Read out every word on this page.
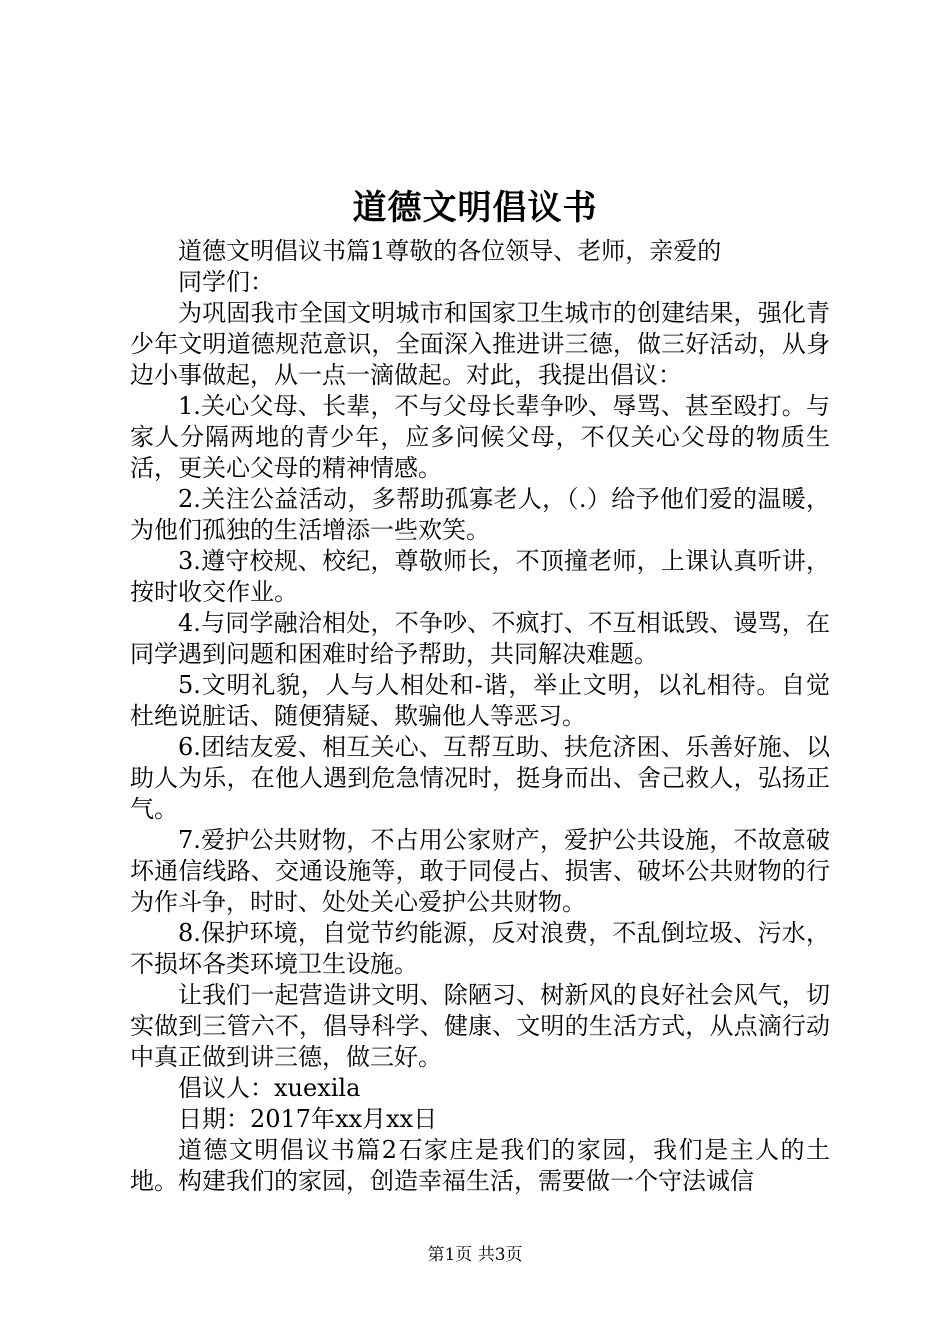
道德文明倡议书

道德文明倡议书篇1尊敬的各位领导、老师，亲爱的

同学们：

为巩固我市全国文明城市和国家卫生城市的创建结果，强化青少年文明道德规范意识，全面深入推进讲三德，做三好活动，从身边小事做起，从一点一滴做起。对此，我提出倡议：

1.关心父母、长辈，不与父母长辈争吵、辱骂、甚至殴打。与家人分隔两地的青少年，应多问候父母，不仅关心父母的物质生活，更关心父母的精神情感。

2.关注公益活动，多帮助孤寡老人，（.）给予他们爱的温暖，为他们孤独的生活增添一些欢笑。

3.遵守校规、校纪，尊敬师长，不顶撞老师，上课认真听讲，按时收交作业。

4.与同学融洽相处，不争吵、不疯打、不互相诋毁、谩骂，在同学遇到问题和困难时给予帮助，共同解决难题。

5.文明礼貌，人与人相处和-谐，举止文明，以礼相待。自觉杜绝说脏话、随便猜疑、欺骗他人等恶习。

6.团结友爱、相互关心、互帮互助、扶危济困、乐善好施、以助人为乐，在他人遇到危急情况时，挺身而出、舍己救人，弘扬正气。

7.爱护公共财物，不占用公家财产，爱护公共设施，不故意破坏通信线路、交通设施等，敢于同侵占、损害、破坏公共财物的行为作斗争，时时、处处关心爱护公共财物。

8.保护环境，自觉节约能源，反对浪费，不乱倒垃圾、污水，不损坏各类环境卫生设施。

让我们一起营造讲文明、除陋习、树新风的良好社会风气，切实做到三管六不，倡导科学、健康、文明的生活方式，从点滴行动中真正做到讲三德，做三好。

倡议人：xuexila

日期：2017年xx月xx日

道德文明倡议书篇2石家庄是我们的家园，我们是主人的土地。构建我们的家园，创造幸福生活，需要做一个守法诚信

第1页 共3页
